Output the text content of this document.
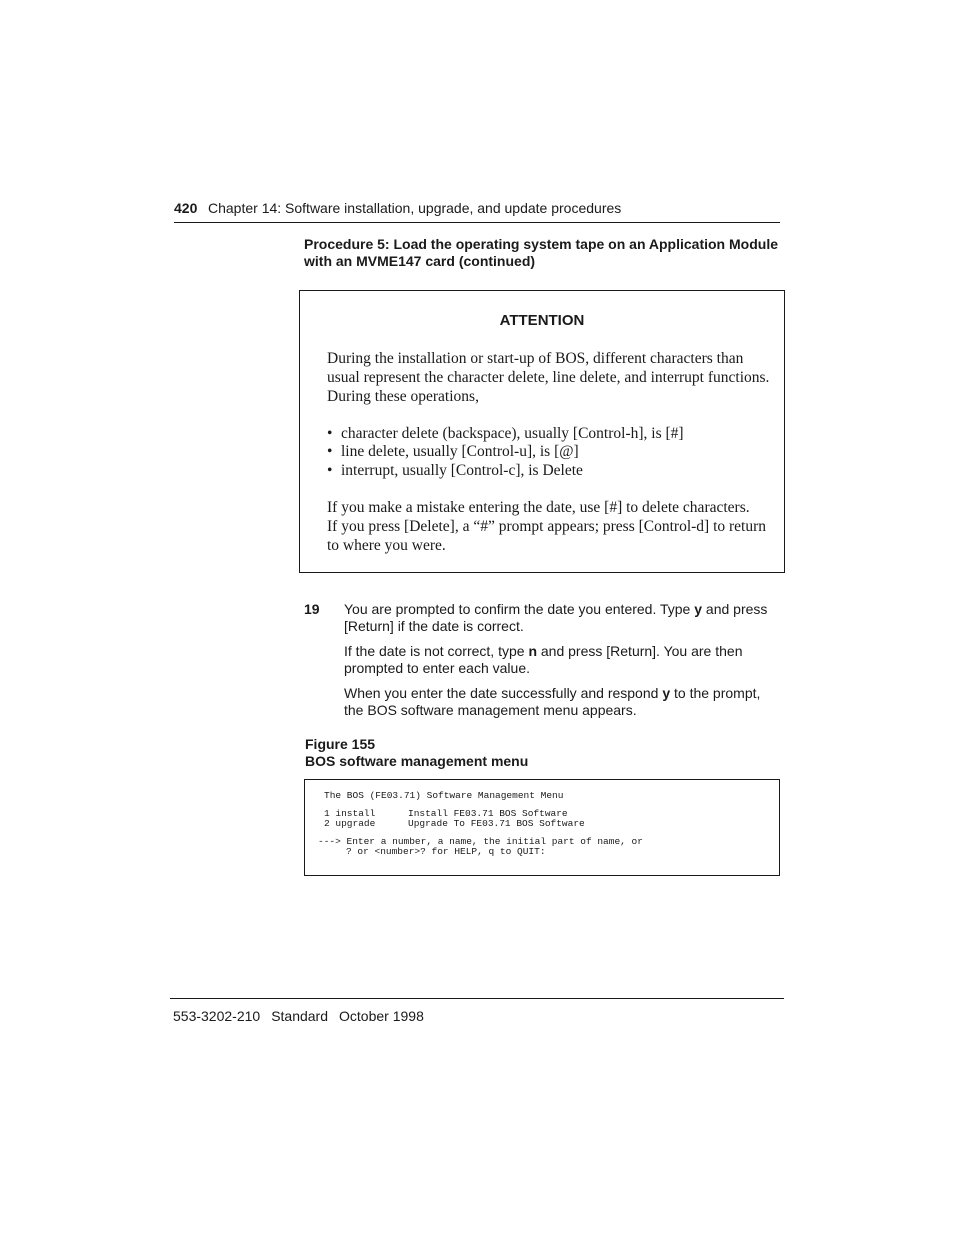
420 Chapter 14: Software installation, upgrade, and update procedures
Procedure 5: Load the operating system tape on an Application Module
with an MVME147 card (continued)
ATTENTION
During the installation or start-up of BOS, different characters than
usual represent the character delete, line delete, and interrupt functions.
During these operations,
• character delete (backspace), usually [Control-h], is [#]
• line delete, usually [Control-u], is [@]
• interrupt, usually [Control-c], is Delete
If you make a mistake entering the date, use [#] to delete characters.
If you press [Delete], a “#” prompt appears; press [Control-d] to return
to where you were.
19 You are prompted to confirm the date you entered. Type y and press
[Return] if the date is correct.
If the date is not correct, type n and press [Return]. You are then
prompted to enter each value.
When you enter the date successfully and respond y to the prompt,
the BOS software management menu appears.
Figure 155
BOS software management menu
The BOS (FE03.71) Software Management Menu
1 install	Install FE03.71 BOS Software
2 upgrade	Upgrade To FE03.71 BOS Software
---> Enter a number, a name, the initial part of name, or
? or <number>? for HELP, q to QUIT:
553-3202-210 Standard October 1998
